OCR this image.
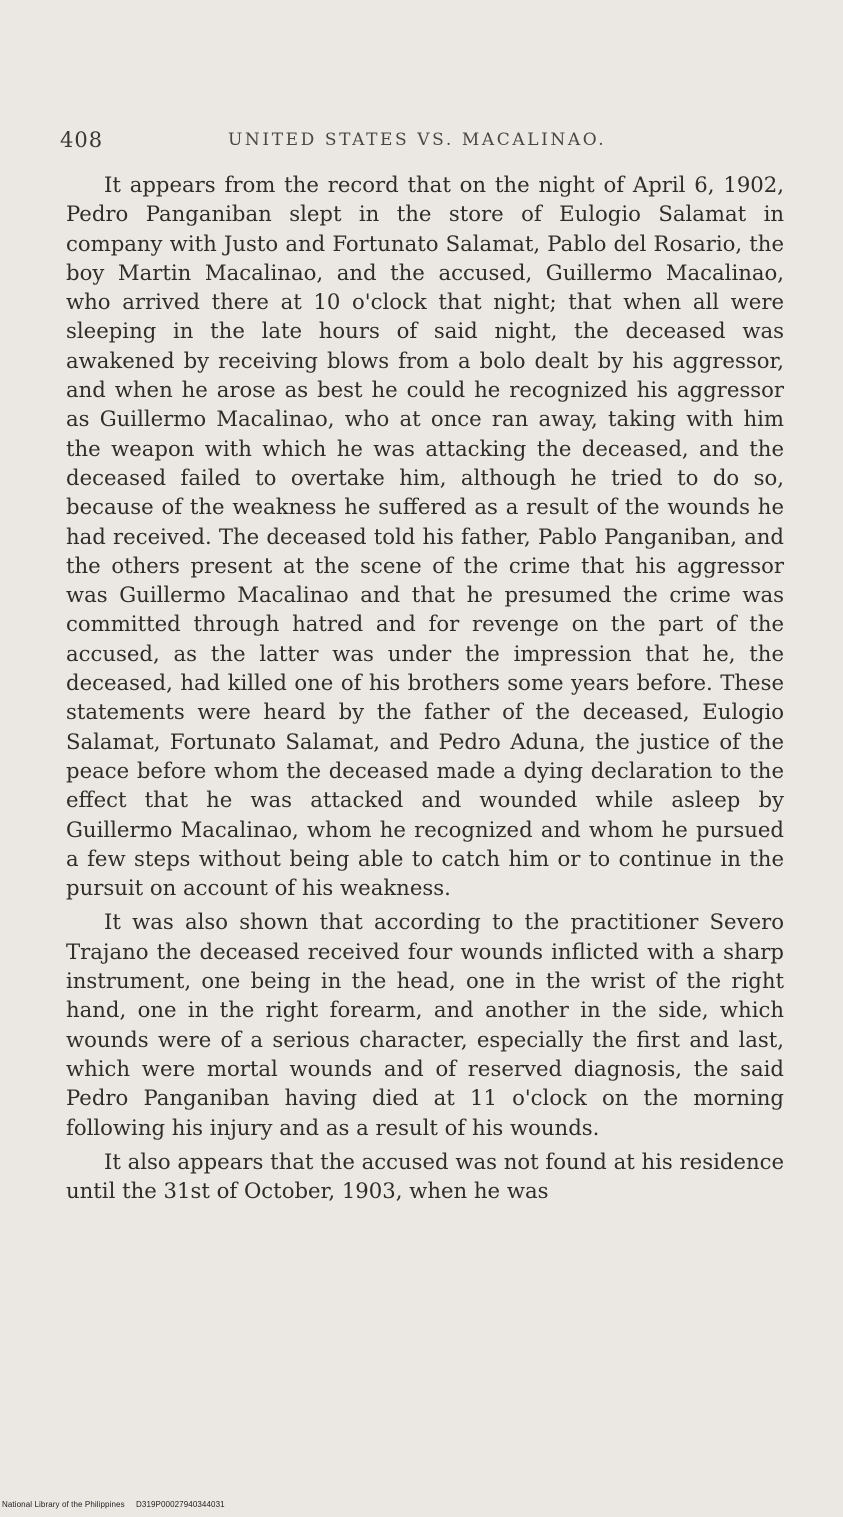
408	UNITED STATES VS. MACALINAO.

It appears from the record that on the night of April 6, 1902, Pedro Panganiban slept in the store of Eulogio Salamat in company with Justo and Fortunato Salamat, Pablo del Rosario, the boy Martin Macalinao, and the accused, Guillermo Macalinao, who arrived there at 10 o'clock that night; that when all were sleeping in the late hours of said night, the deceased was awakened by receiving blows from a bolo dealt by his aggressor, and when he arose as best he could he recognized his aggressor as Guillermo Macalinao, who at once ran away, taking with him the weapon with which he was attacking the deceased, and the deceased failed to overtake him, although he tried to do so, because of the weakness he suffered as a result of the wounds he had received. The deceased told his father, Pablo Panganiban, and the others present at the scene of the crime that his aggressor was Guillermo Macalinao and that he presumed the crime was committed through hatred and for revenge on the part of the accused, as the latter was under the impression that he, the deceased, had killed one of his brothers some years before. These statements were heard by the father of the deceased, Eulogio Salamat, Fortunato Salamat, and Pedro Aduna, the justice of the peace before whom the deceased made a dying declaration to the effect that he was attacked and wounded while asleep by Guillermo Macalinao, whom he recognized and whom he pursued a few steps without being able to catch him or to continue in the pursuit on account of his weakness.

It was also shown that according to the practitioner Severo Trajano the deceased received four wounds inflicted with a sharp instrument, one being in the head, one in the wrist of the right hand, one in the right forearm, and another in the side, which wounds were of a serious character, especially the first and last, which were mortal wounds and of reserved diagnosis, the said Pedro Panganiban having died at 11 o'clock on the morning following his injury and as a result of his wounds.

It also appears that the accused was not found at his residence until the 31st of October, 1903, when he was

National Library of the Philippines D319P00027940344031
